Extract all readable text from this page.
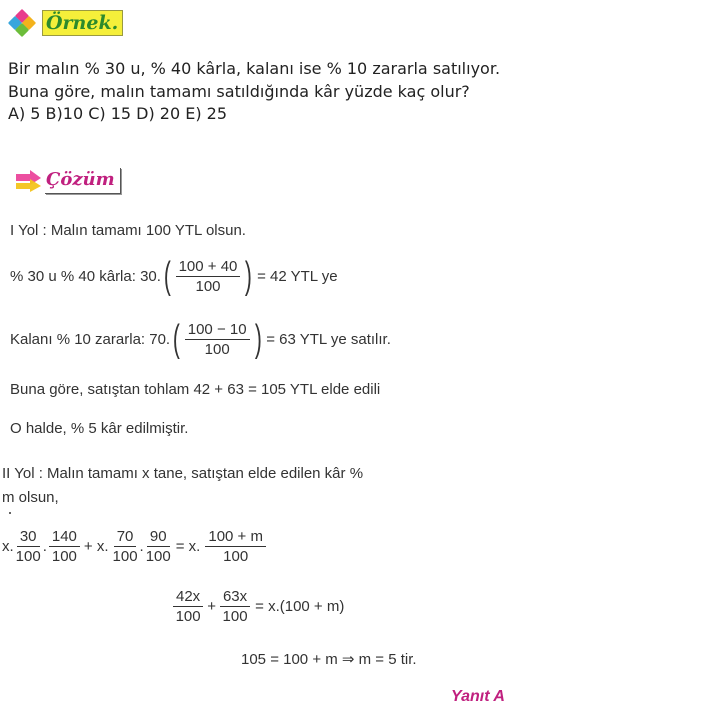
Örnek.
Bir malın % 30 u, % 40 kârla, kalanı ise % 10 zararla satılıyor.
Buna göre, malın tamamı satıldığında kâr yüzde kaç olur?
A) 5 B)10 C) 15 D) 20 E) 25
Çözüm
I Yol : Malın tamamı 100 YTL olsun.
% 30 u % 40 kârla: 30. ( $\frac{100 + 40}{100}$ ) = 42 YTL ye
Kalanı % 10 zararla: 70. ( $\frac{100 - 10}{100}$ ) = 63 YTL ye satılır.
Buna göre, satıştan tohlam 42 + 63 = 105 YTL elde edili
O halde, % 5 kâr edilmiştir.
II Yol : Malın tamamı x tane, satıştan elde edilen kâr %
m olsun,
x. $\frac{30}{100}$ . $\frac{140}{100} + x$. $\frac{70}{100}$ . $\frac{90}{100} = x$. $\frac{100 + m}{100}$
$\frac{42x}{100} + \frac{63x}{100} = x.(100 + m)$
105 = 100 + m ⇒ m = 5 tir.
Yanıt A
